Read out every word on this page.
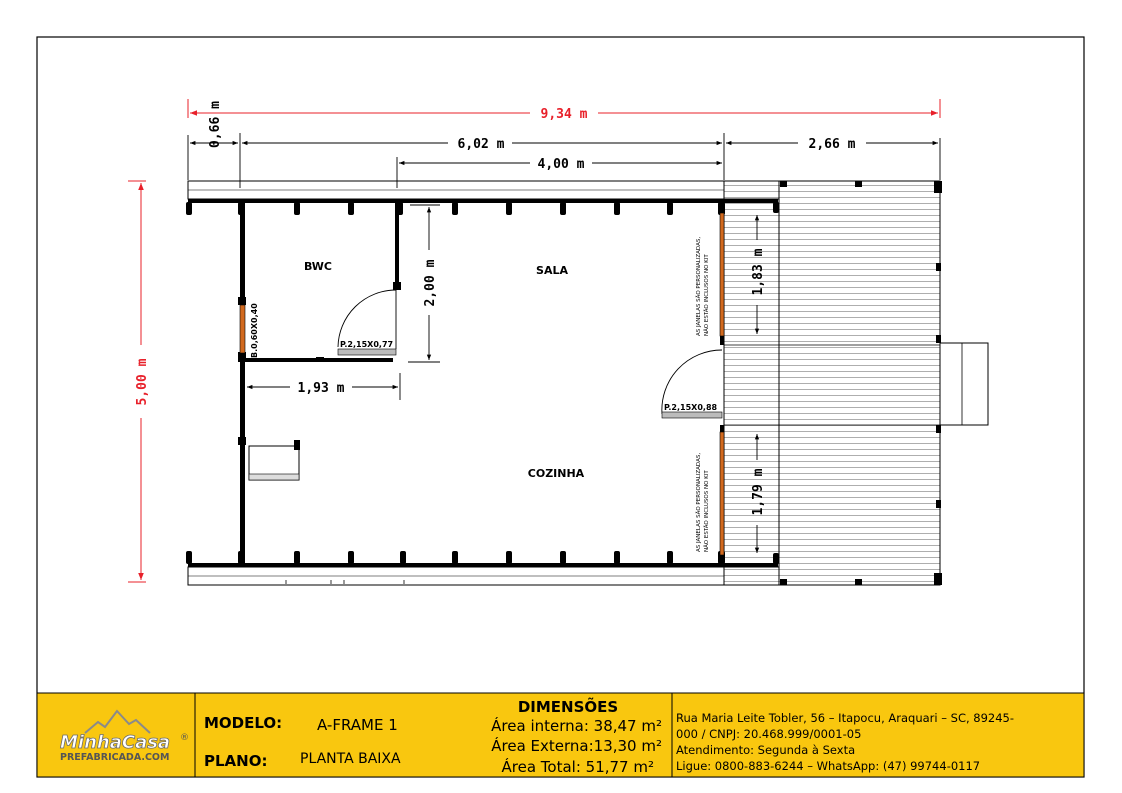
9,34 m
5,00 m
0,66 m	6,02 m	2,66 m
4,00 m
2,00 m
1,93 m
1,83 m
1,79 m
BWC	SALA
COZINHA
P.2,15X0,77
P.2,15X0,88
B.0,60X0,40	AS JANELAS SÃO PERSONALIZADAS, NÃO ESTÃO INCLUSOS NO KIT
AS JANELAS SÃO PERSONALIZADAS, NÃO ESTÃO INCLUSOS NO KIT
MinhaCasa ®
PREFABRICADA.COM
MODELO: A-FRAME 1
PLANO: PLANTA BAIXA
DIMENSÕES
Área interna: 38,47 m²
Área Externa:13,30 m²
Área Total: 51,77 m²
Rua Maria Leite Tobler, 56 – Itapocu, Araquari – SC, 89245-
000 / CNPJ: 20.468.999/0001-05
Atendimento: Segunda à Sexta
Ligue: 0800-883-6244 – WhatsApp: (47) 99744-0117
